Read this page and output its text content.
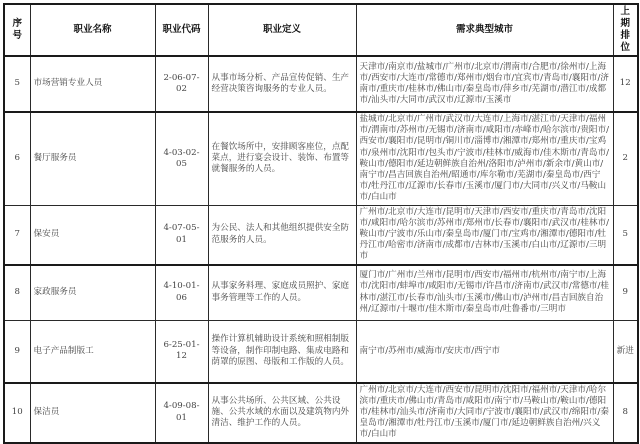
序号	职业名称	职业代码	职业定义	需求典型城市	上期排位
5	市场营销专业人员	2-06-07-02	从事市场分析、产品宣传促销、生产经营决策咨询服务的专业人员。	天津市/南京市/盐城市/广州市/北京市/渭南市/合肥市/徐州市/上海市/西安市/大连市/常德市/郑州市/烟台市/宜宾市/青岛市/襄阳市/济南市/重庆市/桂林市/佛山市/秦皇岛市/萍乡市/芜湖市/潜江市/成都市/汕头市/大同市/武汉市/辽源市/玉溪市	12
6	餐厅服务员	4-03-02-05	在餐饮场所中，安排顾客座位，点配菜点，进行宴会设计、装饰、布置等就餐服务的人员。	盐城市/北京市/广州市/武汉市/大连市/上海市/湛江市/天津市/福州市/渭南市/苏州市/无锡市/济南市/咸阳市/赤峰市/哈尔滨市/贵阳市/西安市/襄阳市/昆明市/铜川市/淄博市/湘潭市/郑州市/重庆市/宝鸡市/泉州市/沈阳市/包头市/宁波市/桂林市/威海市/佳木斯市/青岛市/鞍山市/德阳市/延边朝鲜族自治州/洛阳市/泸州市/新余市/黄山市/南宁市/昌吉回族自治州/昭通市/库尔勒市/芜湖市/秦皇岛市/西宁市/牡丹江市/辽源市/长春市/玉溪市/厦门市/大同市/兴义市/马鞍山市/白山市	2
7	保安员	4-07-05-01	为公民、法人和其他组织提供安全防范服务的人员。	广州市/北京市/大连市/昆明市/天津市/西安市/重庆市/青岛市/沈阳市/咸阳市/哈尔滨市/苏州市/郑州市/长春市/襄阳市/武汉市/桂林市/鞍山市/宁波市/乐山市/秦皇岛市/厦门市/宝鸡市/湘潭市/德阳市/牡丹江市/哈密市/济南市/成都市/吉林市/玉溪市/白山市/辽源市/三明市	5
8	家政服务员	4-10-01-06	从事家务料理、家庭成员照护、家庭事务管理等工作的人员。	厦门市/广州市/兰州市/昆明市/西安市/福州市/杭州市/南宁市/上海市/沈阳市/蚌埠市/咸阳市/无锡市/许昌市/济南市/武汉市/常德市/桂林市/湛江市/长春市/汕头市/玉溪市/佛山市/泸州市/昌吉回族自治州/辽源市/十堰市/佳木斯市/秦皇岛市/吐鲁番市/三明市	9
9	电子产品制版工	6-25-01-12	操作计算机辅助设计系统和照相制版等设备，制作印制电路、集成电路和荫罩的原图、母版和工作版的人员。	南宁市/苏州市/威海市/安庆市/西宁市	新进
10	保洁员	4-09-08-01	从事公共场所、公共区域、公共设施、公共水域的水面以及建筑物内外清洁、维护工作的人员。	广州市/北京市/大连市/西安市/昆明市/沈阳市/福州市/天津市/哈尔滨市/重庆市/佛山市/青岛市/咸阳市/南宁市/马鞍山市/鞍山市/德阳市/桂林市/汕头市/济南市/大同市/宁波市/襄阳市/武汉市/绵阳市/秦皇岛市/湘潭市/牡丹江市/玉溪市/厦门市/延边朝鲜族自治州/兴义市/白山市	8
